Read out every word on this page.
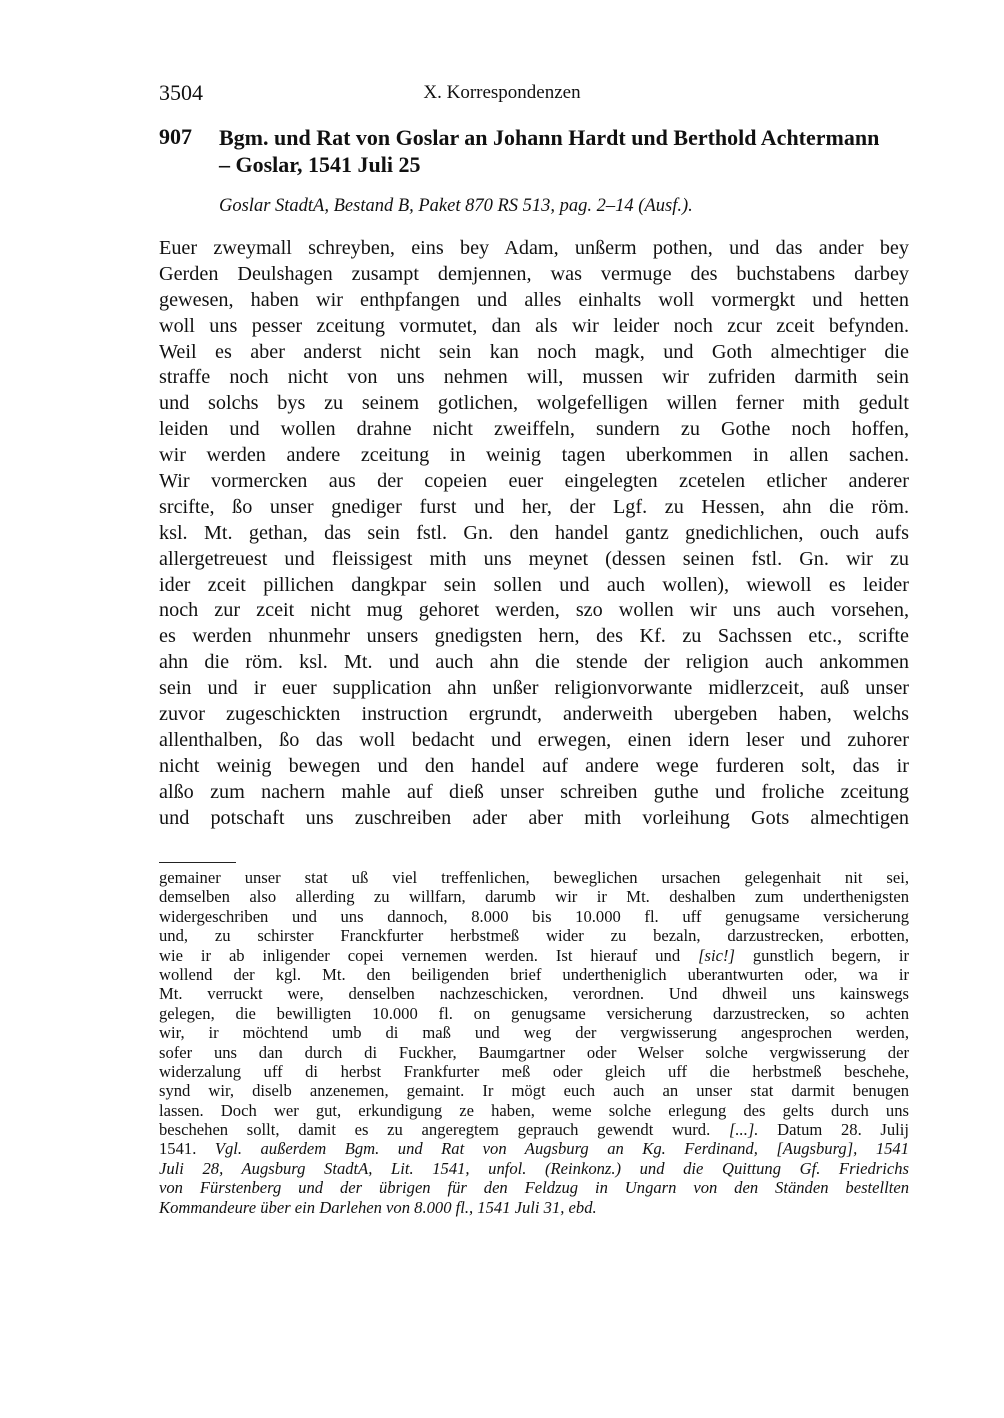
3504	X. Korrespondenzen
907 Bgm. und Rat von Goslar an Johann Hardt und Berthold Achtermann
– Goslar, 1541 Juli 25
Goslar StadtA, Bestand B, Paket 870 RS 513, pag. 2–14 (Ausf.).
Euer zweymall schreyben, eins bey Adam, unßerm pothen, und das ander bey
Gerden Deulshagen zusampt demjennen, was vermuge des buchstabens darbey
gewesen, haben wir enthpfangen und alles einhalts woll vormergkt und hetten
woll uns pesser zceitung vormutet, dan als wir leider noch zcur zceit befynden.
Weil es aber anderst nicht sein kan noch magk, und Goth almechtiger die
straffe noch nicht von uns nehmen will, mussen wir zufriden darmith sein
und solchs bys zu seinem gotlichen, wolgefelligen willen ferner mith gedult
leiden und wollen drahne nicht zweiffeln, sundern zu Gothe noch hoffen,
wir werden andere zceitung in weinig tagen uberkommen in allen sachen.
Wir vormercken aus der copeien euer eingelegten zcetelen etlicher anderer
srcifte, ßo unser gnediger furst und her, der Lgf. zu Hessen, ahn die röm.
ksl. Mt. gethan, das sein fstl. Gn. den handel gantz gnedichlichen, ouch aufs
allergetreuest und fleissigest mith uns meynet (dessen seinen fstl. Gn. wir zu
ider zceit pillichen dangkpar sein sollen und auch wollen), wiewoll es leider
noch zur zceit nicht mug gehoret werden, szo wollen wir uns auch vorsehen,
es werden nhunmehr unsers gnedigsten hern, des Kf. zu Sachssen etc., scrifte
ahn die röm. ksl. Mt. und auch ahn die stende der religion auch ankommen
sein und ir euer supplication ahn unßer religionvorwante midlerzceit, auß unser
zuvor zugeschickten instruction ergrundt, anderweith ubergeben haben, welchs
allenthalben, ßo das woll bedacht und erwegen, einen idern leser und zuhorer
nicht weinig bewegen und den handel auf andere wege furderen solt, das ir
alßo zum nachern mahle auf dieß unser schreiben guthe und froliche zceitung
und potschaft uns zuschreiben ader aber mith vorleihung Gots almechtigen
gemainer unser stat uß viel treffenlichen, beweglichen ursachen gelegenhait nit sei,
demselben also allerding zu willfarn, darumb wir ir Mt. deshalben zum underthenigsten
widergeschriben und uns dannoch, 8.000 bis 10.000 fl. uff genugsame versicherung
und, zu schirster Franckfurter herbstmeß wider zu bezaln, darzustrecken, erbotten,
wie ir ab inligender copei vernemen werden. Ist hierauf und [sic!] gunstlich begern, ir
wollend der kgl. Mt. den beiligenden brief undertheniglich uberantwurten oder, wa ir
Mt. verruckt were, denselben nachzeschicken, verordnen. Und dhweil uns kainswegs
gelegen, die bewilligten 10.000 fl. on genugsame versicherung darzustrecken, so achten
wir, ir möchtend umb di maß und weg der vergwisserung angesprochen werden,
sofer uns dan durch di Fuckher, Baumgartner oder Welser solche vergwisserung der
widerzalung uff di herbst Frankfurter meß oder gleich uff die herbstmeß beschehe,
synd wir, diselb anzenemen, gemaint. Ir mögt euch auch an unser stat darmit benugen
lassen. Doch wer gut, erkundigung ze haben, weme solche erlegung des gelts durch uns
beschehen sollt, damit es zu angeregtem geprauch gewendt wurd. [...]. Datum 28. Julij
1541. Vgl. außerdem Bgm. und Rat von Augsburg an Kg. Ferdinand, [Augsburg], 1541
Juli 28, Augsburg StadtA, Lit. 1541, unfol. (Reinkonz.) und die Quittung Gf. Friedrichs
von Fürstenberg und der übrigen für den Feldzug in Ungarn von den Ständen bestellten
Kommandeure über ein Darlehen von 8.000 fl., 1541 Juli 31, ebd.
